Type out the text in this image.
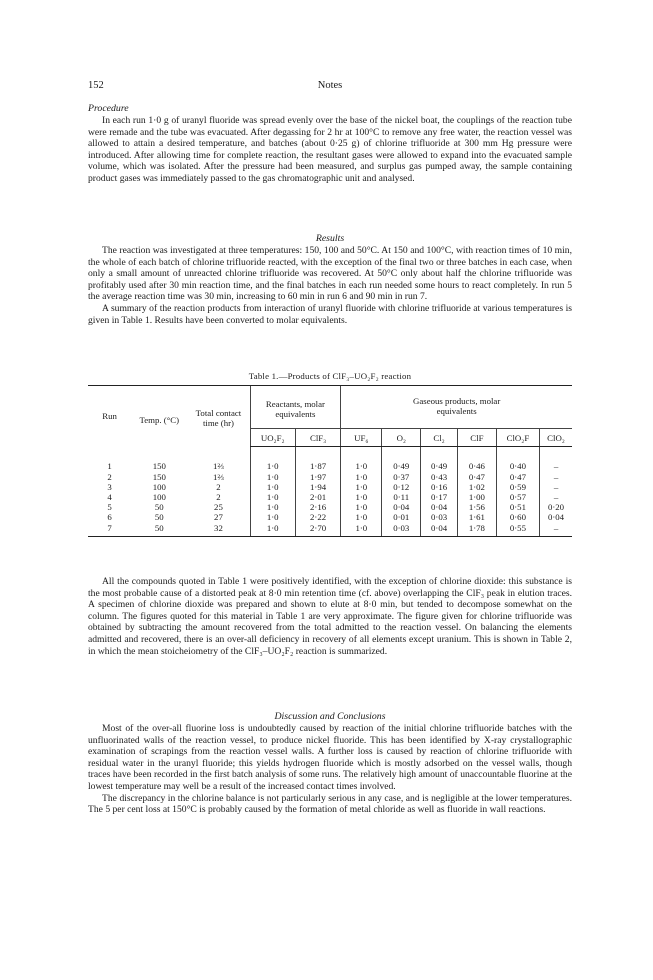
152	Notes
Procedure

In each run 1·0 g of uranyl fluoride was spread evenly over the base of the nickel boat, the couplings of the reaction tube were remade and the tube was evacuated. After degassing for 2 hr at 100°C to remove any free water, the reaction vessel was allowed to attain a desired temperature, and batches (about 0·25 g) of chlorine trifluoride at 300 mm Hg pressure were introduced. After allowing time for complete reaction, the resultant gases were allowed to expand into the evacuated sample volume, which was isolated. After the pressure had been measured, and surplus gas pumped away, the sample containing product gases was immediately passed to the gas chromatographic unit and analysed.

Results

The reaction was investigated at three temperatures: 150, 100 and 50°C. At 150 and 100°C, with reaction times of 10 min, the whole of each batch of chlorine trifluoride reacted, with the exception of the final two or three batches in each case, when only a small amount of unreacted chlorine trifluoride was recovered. At 50°C only about half the chlorine trifluoride was profitably used after 30 min reaction time, and the final batches in each run needed some hours to react completely. In run 5 the average reaction time was 30 min, increasing to 60 min in run 6 and 90 min in run 7.

A summary of the reaction products from interaction of uranyl fluoride with chlorine trifluoride at various temperatures is given in Table 1. Results have been converted to molar equivalents.

Table 1.—Products of ClF₃–UO₂F₂ reaction
Run	Temp. (°C)	Total contact time (hr)	Reactants, molar equivalents		Gaseous products, molar equivalents					
			UO₂F₂	ClF₃	UF₆	O₂	Cl₂	ClF	ClO₂F	ClO₂
1	150	1⅔	1·0	1·87	1·0	0·49	0·49	0·46	0·40	–
2	150	1⅔	1·0	1·97	1·0	0·37	0·43	0·47	0·47	–
3	100	2	1·0	1·94	1·0	0·12	0·16	1·02	0·59	–
4	100	2	1·0	2·01	1·0	0·11	0·17	1·00	0·57	–
5	50	25	1·0	2·16	1·0	0·04	0·04	1·56	0·51	0·20
6	50	27	1·0	2·22	1·0	0·01	0·03	1·61	0·60	0·04
7	50	32	1·0	2·70	1·0	0·03	0·04	1·78	0·55	–

All the compounds quoted in Table 1 were positively identified, with the exception of chlorine dioxide: this substance is the most probable cause of a distorted peak at 8·0 min retention time (cf. above) overlapping the ClF₃ peak in elution traces. A specimen of chlorine dioxide was prepared and shown to elute at 8·0 min, but tended to decompose somewhat on the column. The figures quoted for this material in Table 1 are very approximate. The figure given for chlorine trifluoride was obtained by subtracting the amount recovered from the total admitted to the reaction vessel. On balancing the elements admitted and recovered, there is an over-all deficiency in recovery of all elements except uranium. This is shown in Table 2, in which the mean stoicheiometry of the ClF₃–UO₂F₂ reaction is summarized.

Discussion and Conclusions

Most of the over-all fluorine loss is undoubtedly caused by reaction of the initial chlorine trifluoride batches with the unfluorinated walls of the reaction vessel, to produce nickel fluoride. This has been identified by X-ray crystallographic examination of scrapings from the reaction vessel walls. A further loss is caused by reaction of chlorine trifluoride with residual water in the uranyl fluoride; this yields hydrogen fluoride which is mostly adsorbed on the vessel walls, though traces have been recorded in the first batch analysis of some runs. The relatively high amount of unaccountable fluorine at the lowest temperature may well be a result of the increased contact times involved.

The discrepancy in the chlorine balance is not particularly serious in any case, and is negligible at the lower temperatures. The 5 per cent loss at 150°C is probably caused by the formation of metal chloride as well as fluoride in wall reactions.
